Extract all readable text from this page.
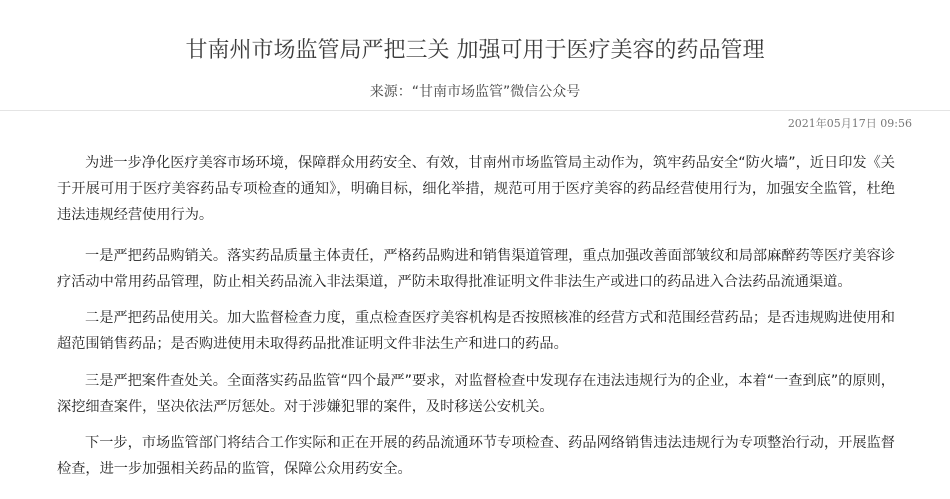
甘南州市场监管局严把三关 加强可用于医疗美容的药品管理
来源：“甘南市场监管”微信公众号
2021年05月17日 09:56

为进一步净化医疗美容市场环境，保障群众用药安全、有效，甘南州市场监管局主动作为，筑牢药品安全“防火墙”，近日印发《关于开展可用于医疗美容药品专项检查的通知》，明确目标，细化举措，规范可用于医疗美容的药品经营使用行为，加强安全监管，杜绝违法违规经营使用行为。

一是严把药品购销关。落实药品质量主体责任，严格药品购进和销售渠道管理，重点加强改善面部皱纹和局部麻醉药等医疗美容诊疗活动中常用药品管理，防止相关药品流入非法渠道，严防未取得批准证明文件非法生产或进口的药品进入合法药品流通渠道。

二是严把药品使用关。加大监督检查力度，重点检查医疗美容机构是否按照核准的经营方式和范围经营药品；是否违规购进使用和超范围销售药品；是否购进使用未取得药品批准证明文件非法生产和进口的药品。

三是严把案件查处关。全面落实药品监管“四个最严”要求，对监督检查中发现存在违法违规行为的企业，本着“一查到底”的原则，深挖细查案件，坚决依法严厉惩处。对于涉嫌犯罪的案件，及时移送公安机关。

下一步，市场监管部门将结合工作实际和正在开展的药品流通环节专项检查、药品网络销售违法违规行为专项整治行动，开展监督检查，进一步加强相关药品的监管，保障公众用药安全。
